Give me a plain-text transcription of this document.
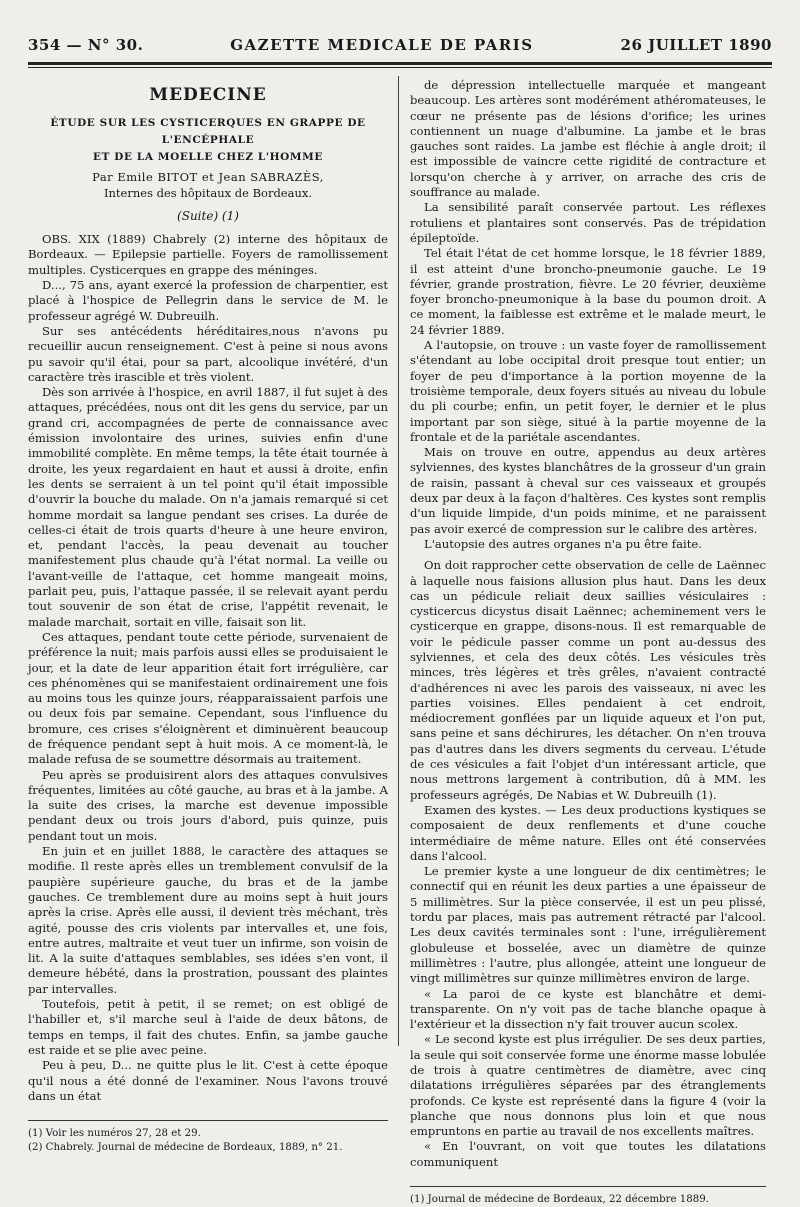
354 — N° 30.	GAZETTE MEDICALE DE PARIS	26 JUILLET 1890
MEDECINE
ÉTUDE SUR LES CYSTICERQUES EN GRAPPE DE L'ENCÉPHALE
ET DE LA MOELLE CHEZ L'HOMME
Par Emile BITOT et Jean SABRAZÈS,
Internes des hôpitaux de Bordeaux.
(Suite) (1)

OBS. XIX (1889) Chabrely (2) interne des hôpitaux de Bordeaux. — Epilepsie partielle. Foyers de ramollissement multiples. Cysticerques en grappe des méninges.

D..., 75 ans, ayant exercé la profession de charpentier, est placé à l'hospice de Pellegrin dans le service de M. le professeur agrégé W. Dubreuilh.

Sur ses antécédents héréditaires,nous n'avons pu recueillir aucun renseignement. C'est à peine si nous avons pu savoir qu'il étai, pour sa part, alcoolique invétéré, d'un caractère très irascible et très violent.

Dès son arrivée à l'hospice, en avril 1887, il fut sujet à des attaques, précédées, nous ont dit les gens du service, par un grand cri, accompagnées de perte de connaissance avec émission involontaire des urines, suivies enfin d'une immobilité complète. En même temps, la tête était tournée à droite, les yeux regardaient en haut et aussi à droite, enfin les dents se serraient à un tel point qu'il était impossible d'ouvrir la bouche du malade. On n'a jamais remarqué si cet homme mordait sa langue pendant ses crises. La durée de celles-ci était de trois quarts d'heure à une heure environ, et, pendant l'accès, la peau devenait au toucher manifestement plus chaude qu'à l'état normal. La veille ou l'avant-veille de l'attaque, cet homme mangeait moins, parlait peu, puis, l'attaque passée, il se relevait ayant perdu tout souvenir de son état de crise, l'appétit revenait, le malade marchait, sortait en ville, faisait son lit.

Ces attaques, pendant toute cette période, survenaient de préférence la nuit; mais parfois aussi elles se produisaient le jour, et la date de leur apparition était fort irrégulière, car ces phénomènes qui se manifestaient ordinairement une fois au moins tous les quinze jours, réapparaissaient parfois une ou deux fois par semaine. Cependant, sous l'influence du bromure, ces crises s'éloignèrent et diminuèrent beaucoup de fréquence pendant sept à huit mois. A ce moment-là, le malade refusa de se soumettre désormais au traitement.

Peu après se produisirent alors des attaques convulsives fréquentes, limitées au côté gauche, au bras et à la jambe. A la suite des crises, la marche est devenue impossible pendant deux ou trois jours d'abord, puis quinze, puis pendant tout un mois.

En juin et en juillet 1888, le caractère des attaques se modifie. Il reste après elles un tremblement convulsif de la paupière supérieure gauche, du bras et de la jambe gauches. Ce tremblement dure au moins sept à huit jours après la crise. Après elle aussi, il devient très méchant, très agité, pousse des cris violents par intervalles et, une fois, entre autres, maltraite et veut tuer un infirme, son voisin de lit. A la suite d'attaques semblables, ses idées s'en vont, il demeure hébété, dans la prostration, poussant des plaintes par intervalles.

Toutefois, petit à petit, il se remet; on est obligé de l'habiller et, s'il marche seul à l'aide de deux bâtons, de temps en temps, il fait des chutes. Enfin, sa jambe gauche est raide et se plie avec peine.

Peu à peu, D... ne quitte plus le lit. C'est à cette époque qu'il nous a été donné de l'examiner. Nous l'avons trouvé dans un état

(1) Voir les numéros 27, 28 et 29.

(2) Chabrely. Journal de médecine de Bordeaux, 1889, n° 21.

de dépression intellectuelle marquée et mangeant beaucoup. Les artères sont modérément athéromateuses, le cœur ne présente pas de lésions d'orifice; les urines contiennent un nuage d'albumine. La jambe et le bras gauches sont raides. La jambe est fléchie à angle droit; il est impossible de vaincre cette rigidité de contracture et lorsqu'on cherche à y arriver, on arrache des cris de souffrance au malade.

La sensibilité paraît conservée partout. Les réflexes rotuliens et plantaires sont conservés. Pas de trépidation épileptoïde.

Tel était l'état de cet homme lorsque, le 18 février 1889, il est atteint d'une broncho-pneumonie gauche. Le 19 février, grande prostration, fièvre. Le 20 février, deuxième foyer broncho-pneumonique à la base du poumon droit. A ce moment, la faiblesse est extrême et le malade meurt, le 24 février 1889.

A l'autopsie, on trouve : un vaste foyer de ramollissement s'étendant au lobe occipital droit presque tout entier; un foyer de peu d'importance à la portion moyenne de la troisième temporale, deux foyers situés au niveau du lobule du pli courbe; enfin, un petit foyer, le dernier et le plus important par son siège, situé à la partie moyenne de la frontale et de la pariétale ascendantes.

Mais on trouve en outre, appendus au deux artères sylviennes, des kystes blanchâtres de la grosseur d'un grain de raisin, passant à cheval sur ces vaisseaux et groupés deux par deux à la façon d'haltères. Ces kystes sont remplis d'un liquide limpide, d'un poids minime, et ne paraissent pas avoir exercé de compression sur le calibre des artères.

L'autopsie des autres organes n'a pu être faite.

On doit rapprocher cette observation de celle de Laënnec à laquelle nous faisions allusion plus haut. Dans les deux cas un pédicule reliait deux saillies vésiculaires : cysticercus dicystus disait Laënnec; acheminement vers le cysticerque en grappe, disons-nous. Il est remarquable de voir le pédicule passer comme un pont au-dessus des sylviennes, et cela des deux côtés. Les vésicules très minces, très légères et très grêles, n'avaient contracté d'adhérences ni avec les parois des vaisseaux, ni avec les parties voisines. Elles pendaient à cet endroit, médiocrement gonflées par un liquide aqueux et l'on put, sans peine et sans déchirures, les détacher. On n'en trouva pas d'autres dans les divers segments du cerveau. L'étude de ces vésicules a fait l'objet d'un intéressant article, que nous mettrons largement à contribution, dû à MM. les professeurs agrégés, De Nabias et W. Dubreuilh (1).

Examen des kystes. — Les deux productions kystiques se composaient de deux renflements et d'une couche intermédiaire de même nature. Elles ont été conservées dans l'alcool.

Le premier kyste a une longueur de dix centimètres; le connectif qui en réunit les deux parties a une épaisseur de 5 millimètres. Sur la pièce conservée, il est un peu plissé, tordu par places, mais pas autrement rétracté par l'alcool. Les deux cavités terminales sont : l'une, irrégulièrement globuleuse et bosselée, avec un diamètre de quinze millimètres : l'autre, plus allongée, atteint une longueur de vingt millimètres sur quinze millimètres environ de large.

« La paroi de ce kyste est blanchâtre et demi-transparente. On n'y voit pas de tache blanche opaque à l'extérieur et la dissection n'y fait trouver aucun scolex.

« Le second kyste est plus irrégulier. De ses deux parties, la seule qui soit conservée forme une énorme masse lobulée de trois à quatre centimètres de diamètre, avec cinq dilatations irrégulières séparées par des étranglements profonds. Ce kyste est représenté dans la figure 4 (voir la planche que nous donnons plus loin et que nous empruntons en partie au travail de nos excellents maîtres.

« En l'ouvrant, on voit que toutes les dilatations communiquent

(1) Journal de médecine de Bordeaux, 22 décembre 1889.
